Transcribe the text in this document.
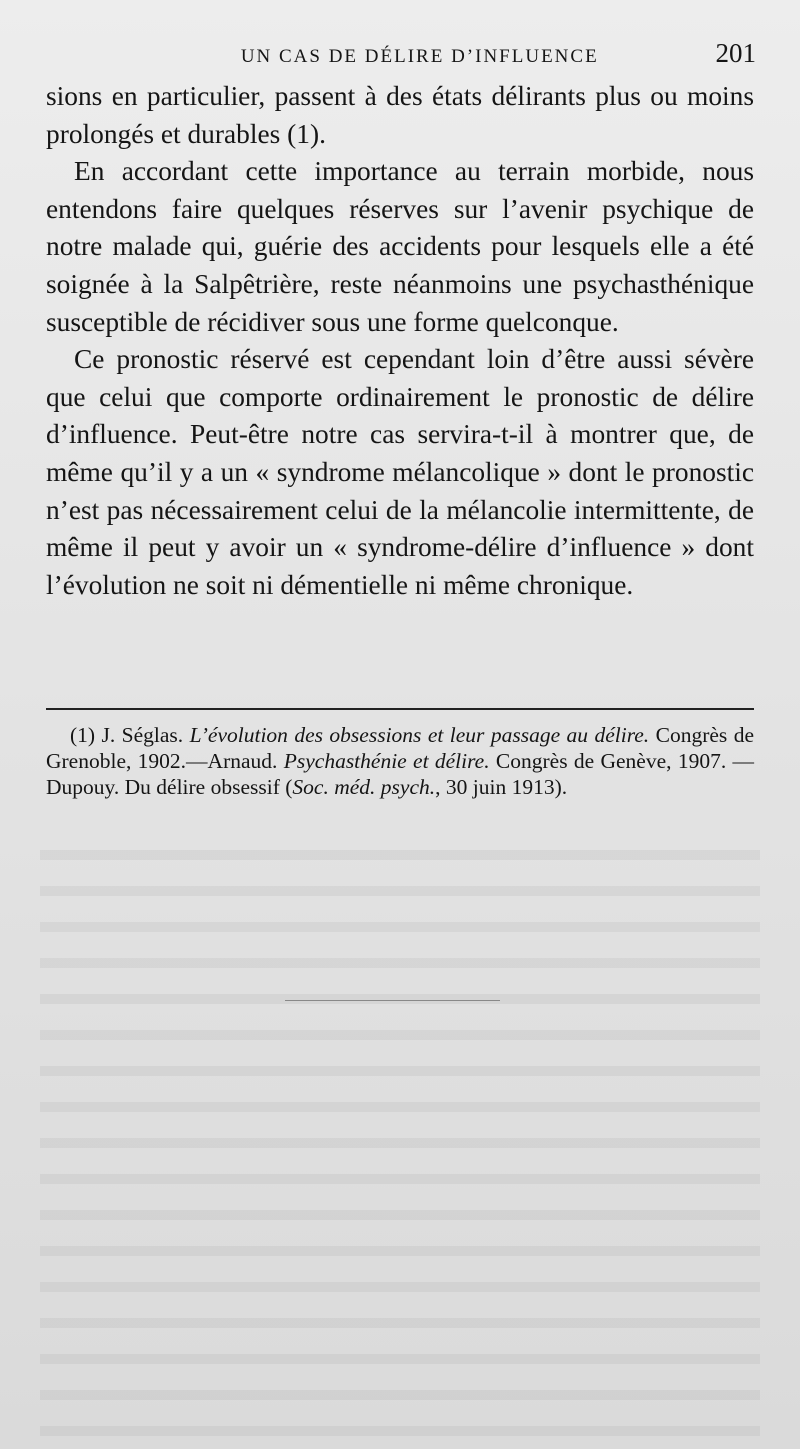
UN CAS DE DÉLIRE D’INFLUENCE	201

sions en particulier, passent à des états délirants plus ou moins prolongés et durables (1).

En accordant cette importance au terrain morbide, nous entendons faire quelques réserves sur l’avenir psychique de notre malade qui, guérie des accidents pour lesquels elle a été soignée à la Salpêtrière, reste néanmoins une psychasthénique susceptible de récidiver sous une forme quelconque.

Ce pronostic réservé est cependant loin d’être aussi sévère que celui que comporte ordinairement le pronostic de délire d’influence. Peut-être notre cas servira-t-il à montrer que, de même qu’il y a un « syndrome mélancolique » dont le pronostic n’est pas nécessairement celui de la mélancolie intermittente, de même il peut y avoir un « syndrome-délire d’influence » dont l’évolution ne soit ni démentielle ni même chronique.

(1) J. Séglas. L’évolution des obsessions et leur passage au délire. Congrès de Grenoble, 1902.—Arnaud. Psychasthénie et délire. Congrès de Genève, 1907. — Dupouy. Du délire obsessif (Soc. méd. psych., 30 juin 1913).
